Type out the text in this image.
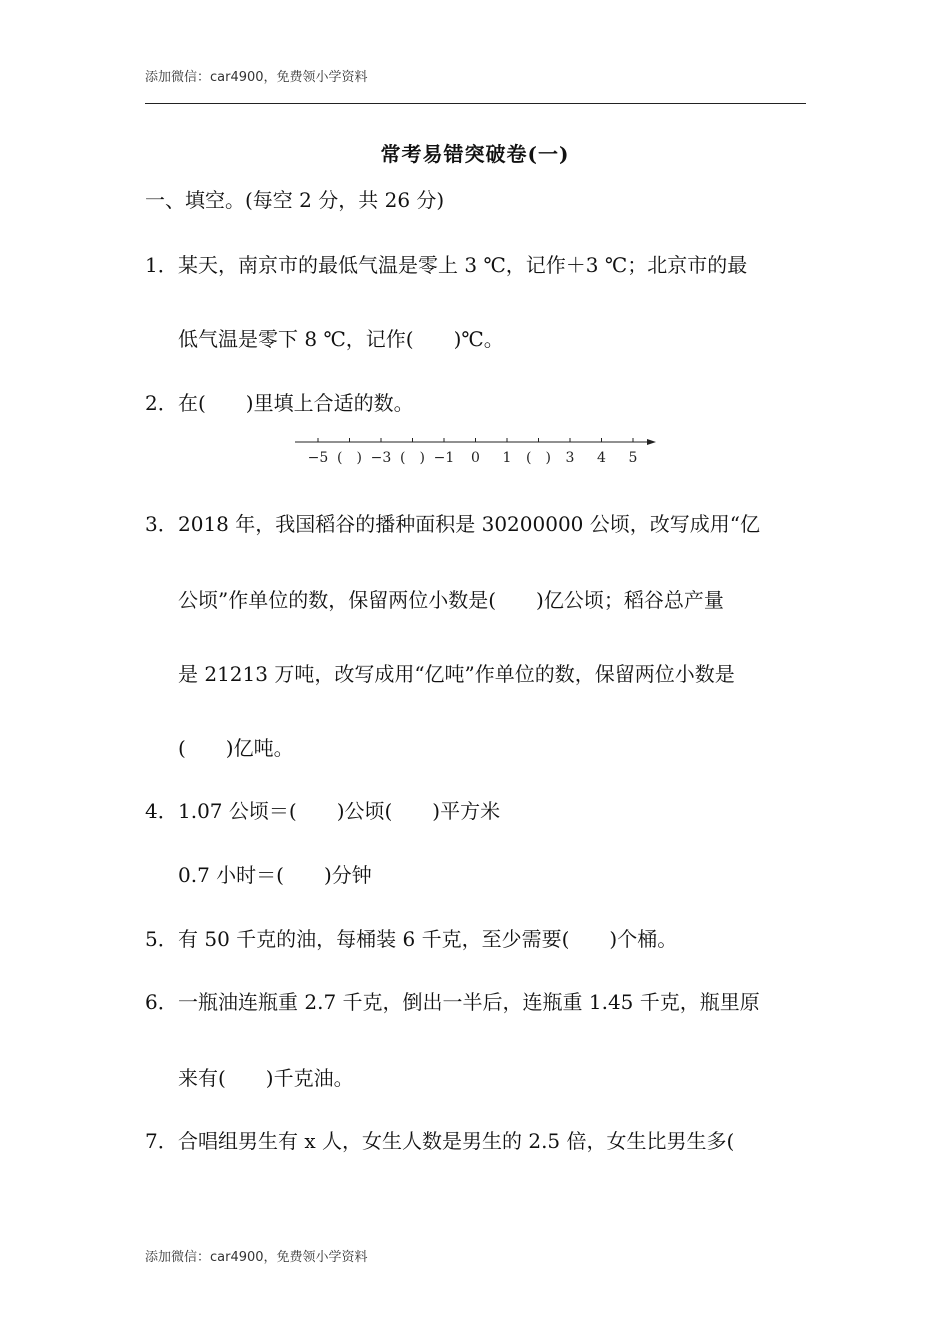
添加微信：car4900，免费领小学资料
常考易错突破卷(一)
一、填空。(每空 2 分，共 26 分)
1． 某天，南京市的最低气温是零上 3 ℃，记作＋3 ℃；北京市的最
低气温是零下 8 ℃，记作(　　)℃。
2． 在(　　)里填上合适的数。
−5 (　) −3 (　) −1 0 1 (　) 3 4 5
3． 2018 年，我国稻谷的播种面积是 30200000 公顷，改写成用“亿
公顷”作单位的数，保留两位小数是(　　)亿公顷；稻谷总产量
是 21213 万吨，改写成用“亿吨”作单位的数，保留两位小数是
(　　)亿吨。
4． 1.07 公顷＝(　　)公顷(　　)平方米
0.7 小时＝(　　)分钟
5． 有 50 千克的油，每桶装 6 千克，至少需要(　　)个桶。
6． 一瓶油连瓶重 2.7 千克，倒出一半后，连瓶重 1.45 千克，瓶里原
来有(　　)千克油。
7． 合唱组男生有 x 人，女生人数是男生的 2.5 倍，女生比男生多(
添加微信：car4900，免费领小学资料
